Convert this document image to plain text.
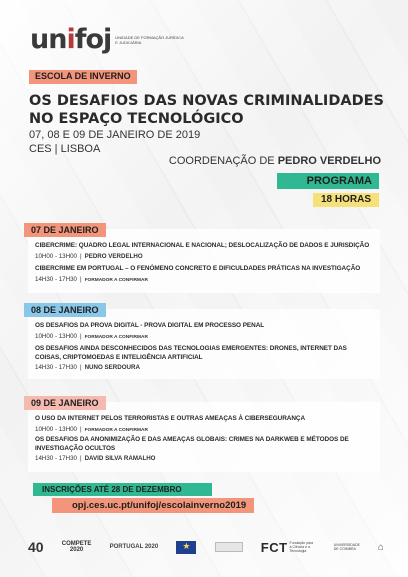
unifoj UNIDADE DE FORMAÇÃO JURÍDICA E JUDICIÁRIA
ESCOLA DE INVERNO
OS DESAFIOS DAS NOVAS CRIMINALIDADES
NO ESPAÇO TECNOLÓGICO
07, 08 E 09 DE JANEIRO DE 2019
CES | LISBOA
COORDENAÇÃO DE PEDRO VERDELHO
PROGRAMA
18 HORAS
07 DE JANEIRO
CIBERCRIME: QUADRO LEGAL INTERNACIONAL E NACIONAL; DESLOCALIZAÇÃO DE DADOS E JURISDIÇÃO
10H00 - 13H00 | PEDRO VERDELHO
CIBERCRIME EM PORTUGAL – O FENÓMENO CONCRETO E DIFICULDADES PRÁTICAS NA INVESTIGAÇÃO
14H30 - 17H30 | FORMADOR A CONFIRMAR
08 DE JANEIRO
OS DESAFIOS DA PROVA DIGITAL - PROVA DIGITAL EM PROCESSO PENAL
10H00 - 13H00 | FORMADOR A CONFIRMAR
OS DESAFIOS AINDA DESCONHECIDOS DAS TECNOLOGIAS EMERGENTES: DRONES, INTERNET DAS COISAS, CRIPTOMOEDAS E INTELIGÊNCIA ARTIFICIAL
14H30 - 17H30 | NUNO SERDOURA
09 DE JANEIRO
O USO DA INTERNET PELOS TERRORISTAS E OUTRAS AMEAÇAS À CIBERSEGURANÇA
10H00 - 13H00 | FORMADOR A CONFIRMAR
OS DESAFIOS DA ANONIMIZAÇÃO E DAS AMEAÇAS GLOBAIS: CRIMES NA DARKWEB E MÉTODOS DE INVESTIGAÇÃO OCULTOS
14H30 - 17H30 | DAVID SILVA RAMALHO
INSCRIÇÕES ATÉ 28 DE DEZEMBRO
opj.ces.uc.pt/unifoj/escolainverno2019
40	COMPETE
2020	PORTUGAL 2020
★	FCT Fundação para a Ciência e a Tecnologia
UNIVERSIDADE DE COIMBRA	⌂
